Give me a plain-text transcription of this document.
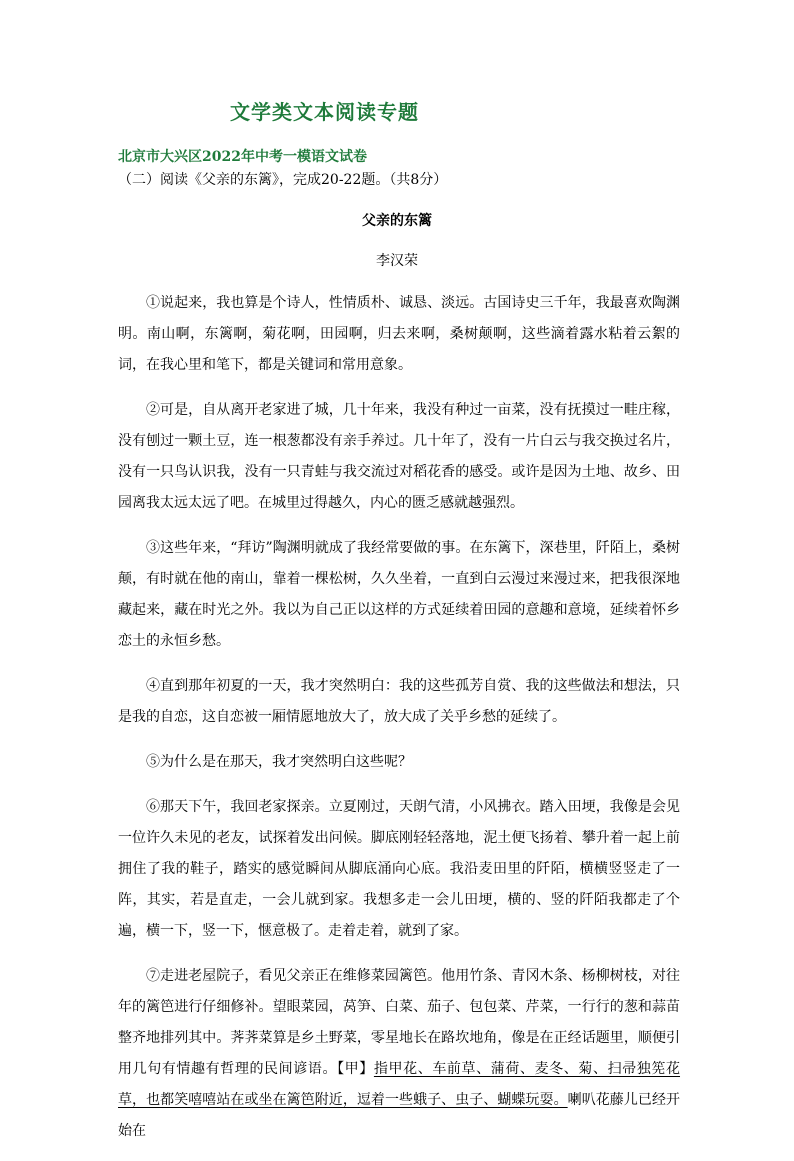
文学类文本阅读专题

北京市大兴区2022年中考一模语文试卷

（二）阅读《父亲的东篱》，完成20-22题。（共8分）

父亲的东篱

李汉荣

①说起来，我也算是个诗人，性情质朴、诚恳、淡远。古国诗史三千年，我最喜欢陶渊明。南山啊，东篱啊，菊花啊，田园啊，归去来啊，桑树颠啊，这些滴着露水粘着云絮的词，在我心里和笔下，都是关键词和常用意象。

②可是，自从离开老家进了城，几十年来，我没有种过一亩菜，没有抚摸过一畦庄稼，没有刨过一颗土豆，连一根葱都没有亲手养过。几十年了，没有一片白云与我交换过名片，没有一只鸟认识我，没有一只青蛙与我交流过对稻花香的感受。或许是因为土地、故乡、田园离我太远太远了吧。在城里过得越久，内心的匮乏感就越强烈。

③这些年来，“拜访”陶渊明就成了我经常要做的事。在东篱下，深巷里，阡陌上，桑树颠，有时就在他的南山，靠着一棵松树，久久坐着，一直到白云漫过来漫过来，把我很深地藏起来，藏在时光之外。我以为自己正以这样的方式延续着田园的意趣和意境，延续着怀乡恋土的永恒乡愁。

④直到那年初夏的一天，我才突然明白：我的这些孤芳自赏、我的这些做法和想法，只是我的自恋，这自恋被一厢情愿地放大了，放大成了关乎乡愁的延续了。

⑤为什么是在那天，我才突然明白这些呢？

⑥那天下午，我回老家探亲。立夏刚过，天朗气清，小风拂衣。踏入田埂，我像是会见一位许久未见的老友，试探着发出问候。脚底刚轻轻落地，泥土便飞扬着、攀升着一起上前拥住了我的鞋子，踏实的感觉瞬间从脚底涌向心底。我沿麦田里的阡陌，横横竖竖走了一阵，其实，若是直走，一会儿就到家。我想多走一会儿田埂，横的、竖的阡陌我都走了个遍，横一下，竖一下，惬意极了。走着走着，就到了家。

⑦走进老屋院子，看见父亲正在维修菜园篱笆。他用竹条、青冈木条、杨柳树枝，对往年的篱笆进行仔细修补。望眼菜园，莴笋、白菜、茄子、包包菜、芹菜，一行行的葱和蒜苗整齐地排列其中。荠荠菜算是乡土野菜，零星地长在路坎地角，像是在正经话题里，顺便引用几句有情趣有哲理的民间谚语。【甲】指甲花、车前草、蒲荷、麦冬、菊、扫帚独筅花草，也都笑嘻嘻站在或坐在篱笆附近，逗着一些蛾子、虫子、蝴蝶玩耍。喇叭花藤儿已经开始在
